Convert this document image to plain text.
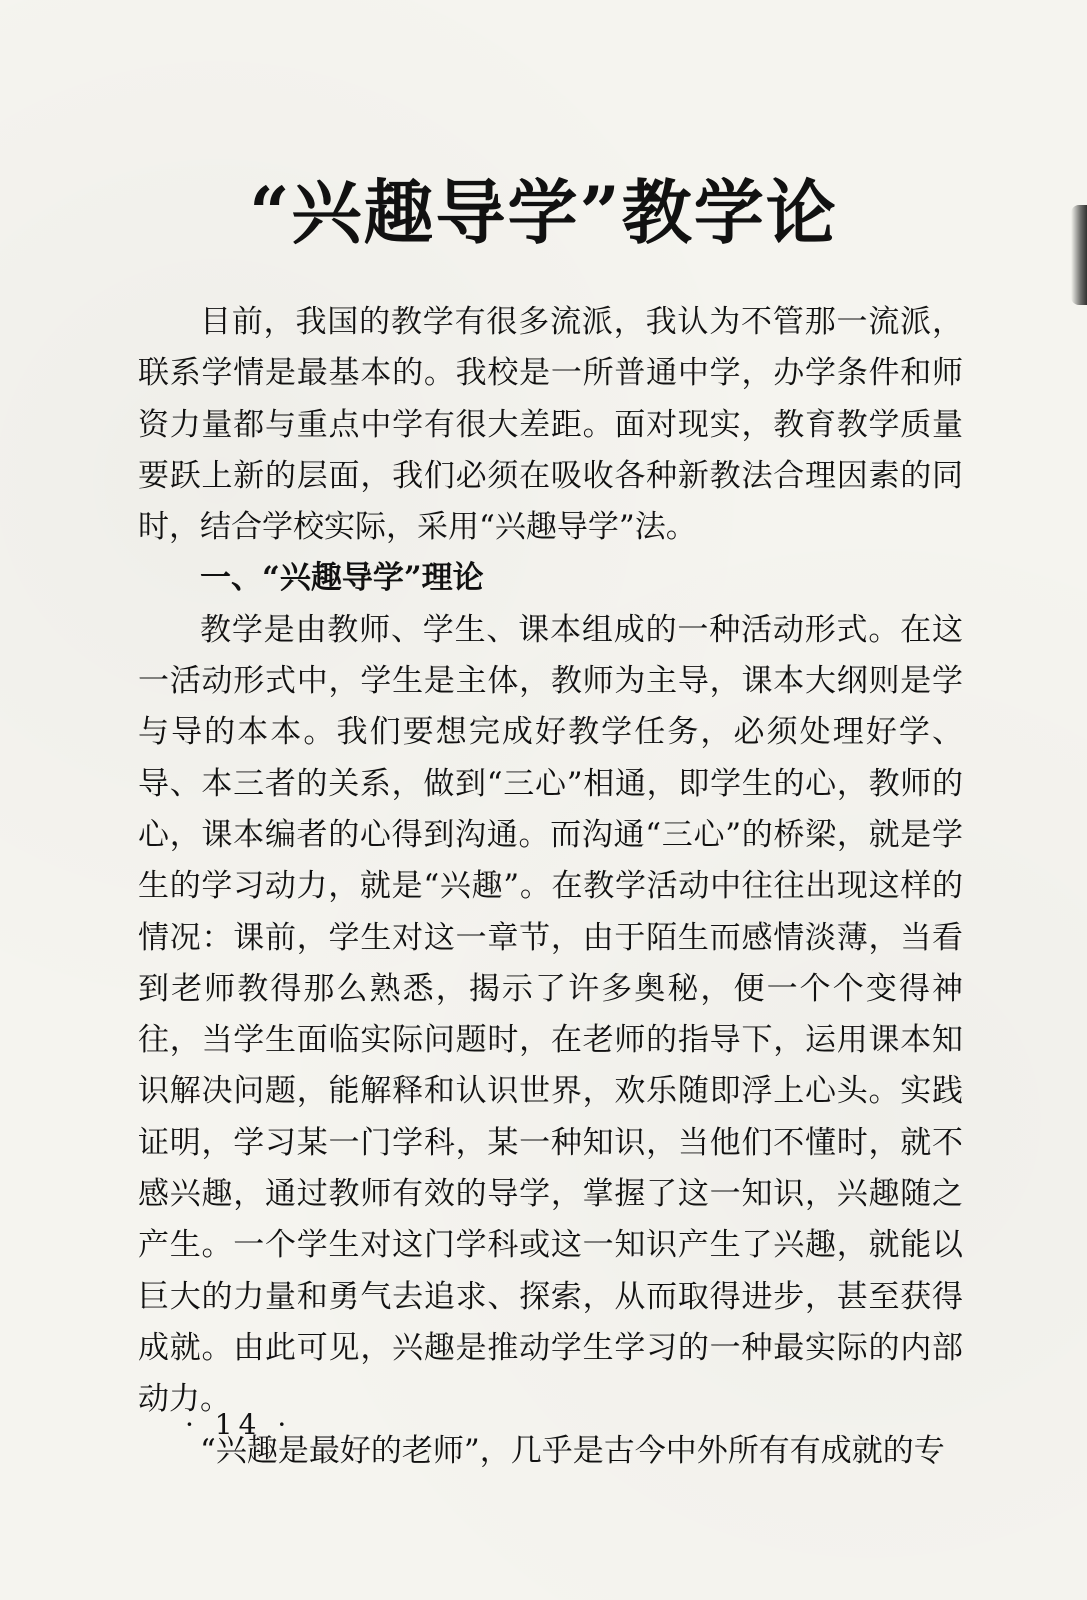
“兴趣导学”教学论

目前，我国的教学有很多流派，我认为不管那一流派，联系学情是最基本的。我校是一所普通中学，办学条件和师资力量都与重点中学有很大差距。面对现实，教育教学质量要跃上新的层面，我们必须在吸收各种新教法合理因素的同时，结合学校实际，采用“兴趣导学”法。

一、“兴趣导学”理论

教学是由教师、学生、课本组成的一种活动形式。在这一活动形式中，学生是主体，教师为主导，课本大纲则是学与导的本本。我们要想完成好教学任务，必须处理好学、导、本三者的关系，做到“三心”相通，即学生的心，教师的心，课本编者的心得到沟通。而沟通“三心”的桥梁，就是学生的学习动力，就是“兴趣”。在教学活动中往往出现这样的情况：课前，学生对这一章节，由于陌生而感情淡薄，当看到老师教得那么熟悉，揭示了许多奥秘，便一个个变得神往，当学生面临实际问题时，在老师的指导下，运用课本知识解决问题，能解释和认识世界，欢乐随即浮上心头。实践证明，学习某一门学科，某一种知识，当他们不懂时，就不感兴趣，通过教师有效的导学，掌握了这一知识，兴趣随之产生。一个学生对这门学科或这一知识产生了兴趣，就能以巨大的力量和勇气去追求、探索，从而取得进步，甚至获得成就。由此可见，兴趣是推动学生学习的一种最实际的内部动力。

“兴趣是最好的老师”，几乎是古今中外所有有成就的专

· 14 ·
